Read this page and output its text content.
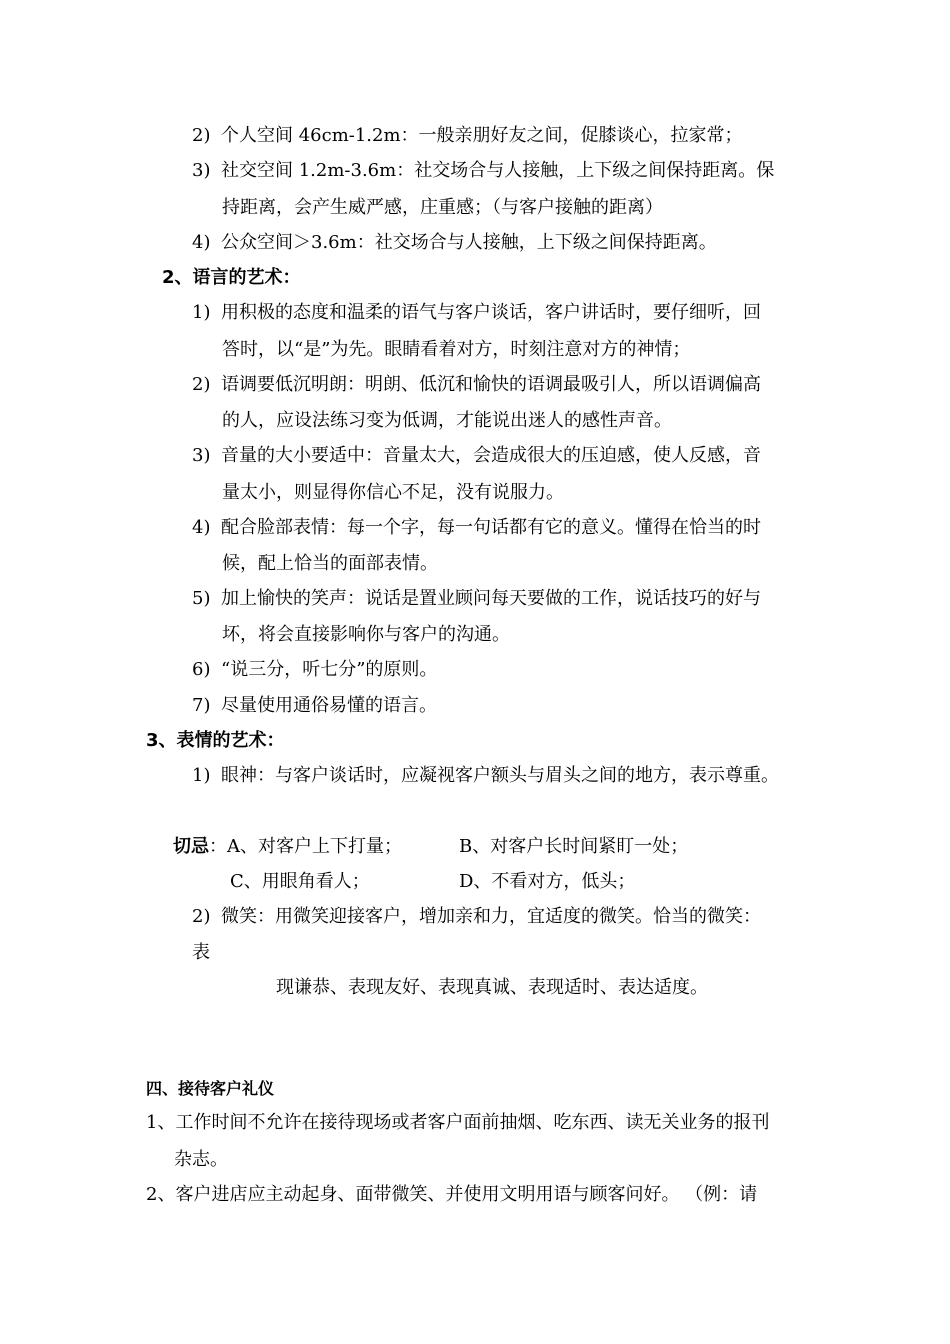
2) 个人空间 46cm-1.2m：一般亲朋好友之间，促膝谈心，拉家常；
3) 社交空间 1.2m-3.6m：社交场合与人接触，上下级之间保持距离。保
持距离，会产生威严感，庄重感；（与客户接触的距离）
4) 公众空间＞3.6m：社交场合与人接触，上下级之间保持距离。
2、语言的艺术：
1) 用积极的态度和温柔的语气与客户谈话，客户讲话时，要仔细听，回
答时，以“是”为先。眼睛看着对方，时刻注意对方的神情；
2) 语调要低沉明朗：明朗、低沉和愉快的语调最吸引人，所以语调偏高
的人，应设法练习变为低调，才能说出迷人的感性声音。
3) 音量的大小要适中：音量太大，会造成很大的压迫感，使人反感，音
量太小，则显得你信心不足，没有说服力。
4) 配合脸部表情：每一个字，每一句话都有它的意义。懂得在恰当的时
候，配上恰当的面部表情。
5) 加上愉快的笑声：说话是置业顾问每天要做的工作，说话技巧的好与
坏，将会直接影响你与客户的沟通。
6) “说三分，听七分”的原则。
7) 尽量使用通俗易懂的语言。
3、表情的艺术：
1) 眼神：与客户谈话时，应凝视客户额头与眉头之间的地方，表示尊重。
切忌：A、对客户上下打量；	B、对客户长时间紧盯一处；
C、用眼角看人；	D、不看对方，低头；
2) 微笑：用微笑迎接客户，增加亲和力，宜适度的微笑。恰当的微笑：
表
现谦恭、表现友好、表现真诚、表现适时、表达适度。
四、接待客户礼仪
1、工作时间不允许在接待现场或者客户面前抽烟、吃东西、读无关业务的报刊
杂志。
2、客户进店应主动起身、面带微笑、并使用文明用语与顾客问好。 （例：请
